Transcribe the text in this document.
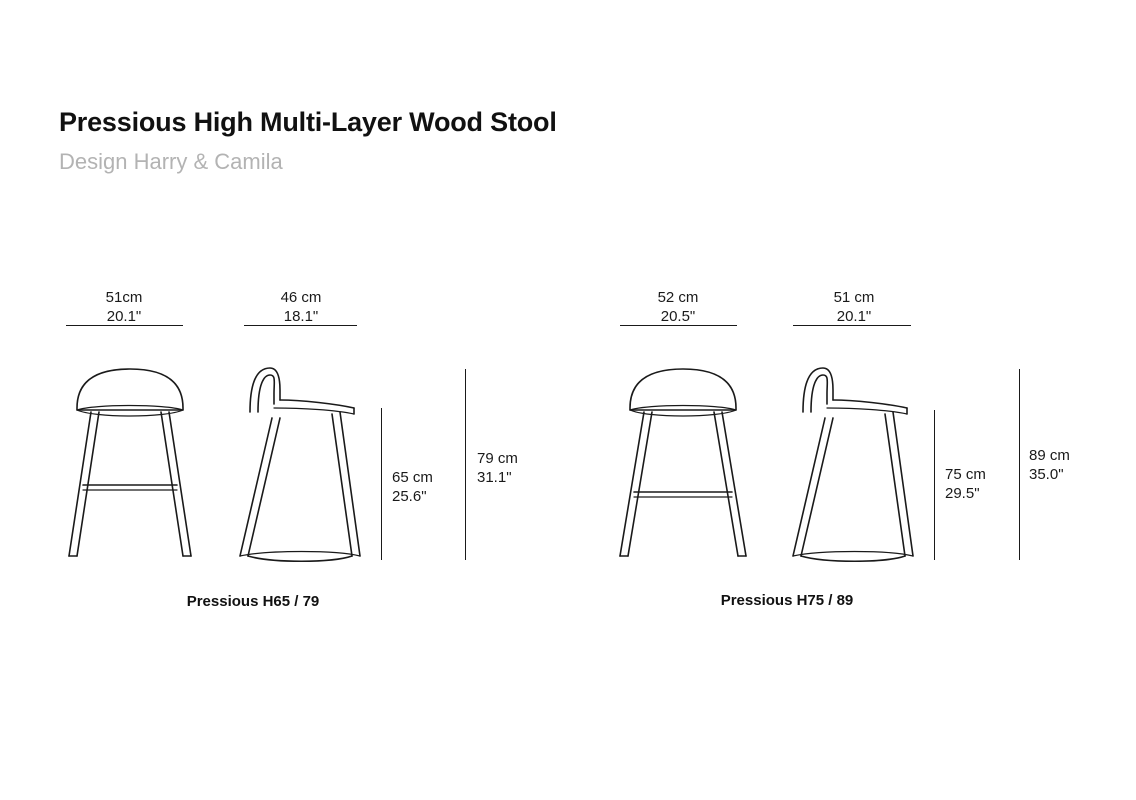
Pressious High Multi-Layer Wood Stool
Design Harry & Camila
51cm
20.1"
46 cm
18.1"
65 cm
25.6"
79 cm
31.1"
Pressious H65 / 79
52 cm
20.5"
51 cm
20.1"
75 cm
29.5"
89 cm
35.0"
Pressious H75 / 89
